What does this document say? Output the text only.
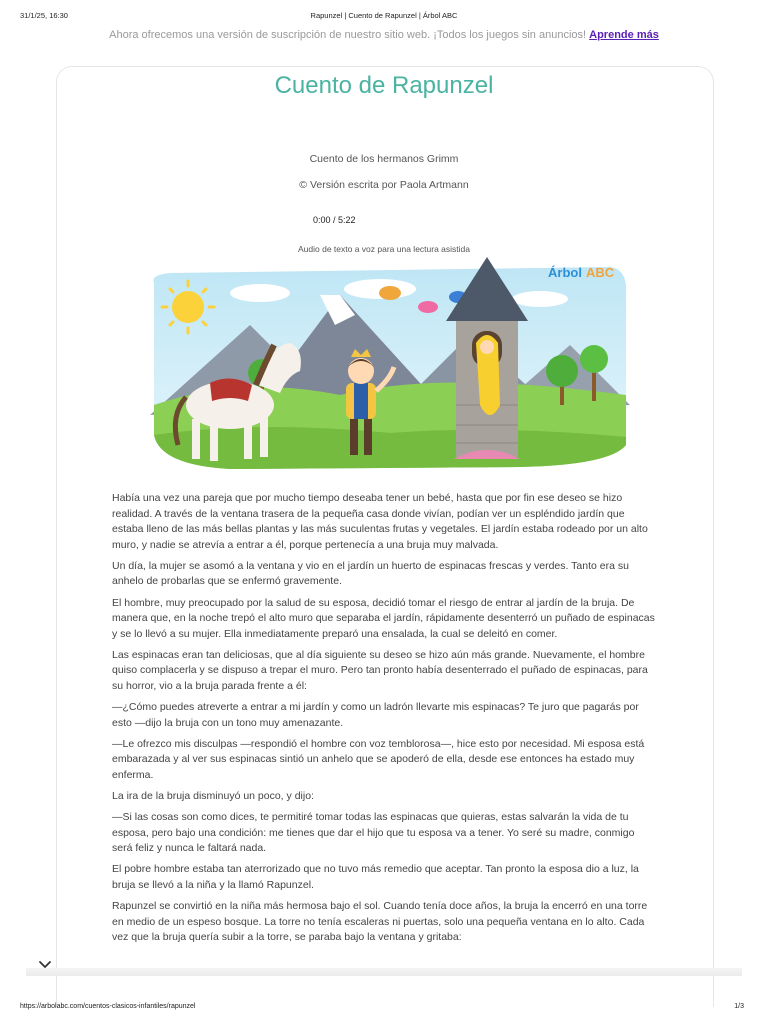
31/1/25, 16:30	Rapunzel | Cuento de Rapunzel | Árbol ABC
Ahora ofrecemos una versión de suscripción de nuestro sitio web. ¡Todos los juegos sin anuncios! Aprende más
Cuento de Rapunzel
Cuento de los hermanos Grimm
© Versión escrita por Paola Artmann
0:00 / 5:22
Audio de texto a voz para una lectura asistida
Árbol ABC

Había una vez una pareja que por mucho tiempo deseaba tener un bebé, hasta que por fin ese deseo se hizo realidad. A través de la ventana trasera de la pequeña casa donde vivían, podían ver un espléndido jardín que estaba lleno de las más bellas plantas y las más suculentas frutas y vegetales. El jardín estaba rodeado por un alto muro, y nadie se atrevía a entrar a él, porque pertenecía a una bruja muy malvada.

Un día, la mujer se asomó a la ventana y vio en el jardín un huerto de espinacas frescas y verdes. Tanto era su anhelo de probarlas que se enfermó gravemente.

El hombre, muy preocupado por la salud de su esposa, decidió tomar el riesgo de entrar al jardín de la bruja. De manera que, en la noche trepó el alto muro que separaba el jardín, rápidamente desenterró un puñado de espinacas y se lo llevó a su mujer. Ella inmediatamente preparó una ensalada, la cual se deleitó en comer.

Las espinacas eran tan deliciosas, que al día siguiente su deseo se hizo aún más grande. Nuevamente, el hombre quiso complacerla y se dispuso a trepar el muro. Pero tan pronto había desenterrado el puñado de espinacas, para su horror, vio a la bruja parada frente a él:

—¿Cómo puedes atreverte a entrar a mi jardín y como un ladrón llevarte mis espinacas? Te juro que pagarás por esto —dijo la bruja con un tono muy amenazante.

—Le ofrezco mis disculpas —respondió el hombre con voz temblorosa—, hice esto por necesidad. Mi esposa está embarazada y al ver sus espinacas sintió un anhelo que se apoderó de ella, desde ese entonces ha estado muy enferma.

La ira de la bruja disminuyó un poco, y dijo:

—Si las cosas son como dices, te permitiré tomar todas las espinacas que quieras, estas salvarán la vida de tu esposa, pero bajo una condición: me tienes que dar el hijo que tu esposa va a tener. Yo seré su madre, conmigo será feliz y nunca le faltará nada.

El pobre hombre estaba tan aterrorizado que no tuvo más remedio que aceptar. Tan pronto la esposa dio a luz, la bruja se llevó a la niña y la llamó Rapunzel.

Rapunzel se convirtió en la niña más hermosa bajo el sol. Cuando tenía doce años, la bruja la encerró en una torre en medio de un espeso bosque. La torre no tenía escaleras ni puertas, solo una pequeña ventana en lo alto. Cada vez que la bruja quería subir a la torre, se paraba bajo la ventana y gritaba:

https://arbolabc.com/cuentos-clasicos-infantiles/rapunzel	1/3
